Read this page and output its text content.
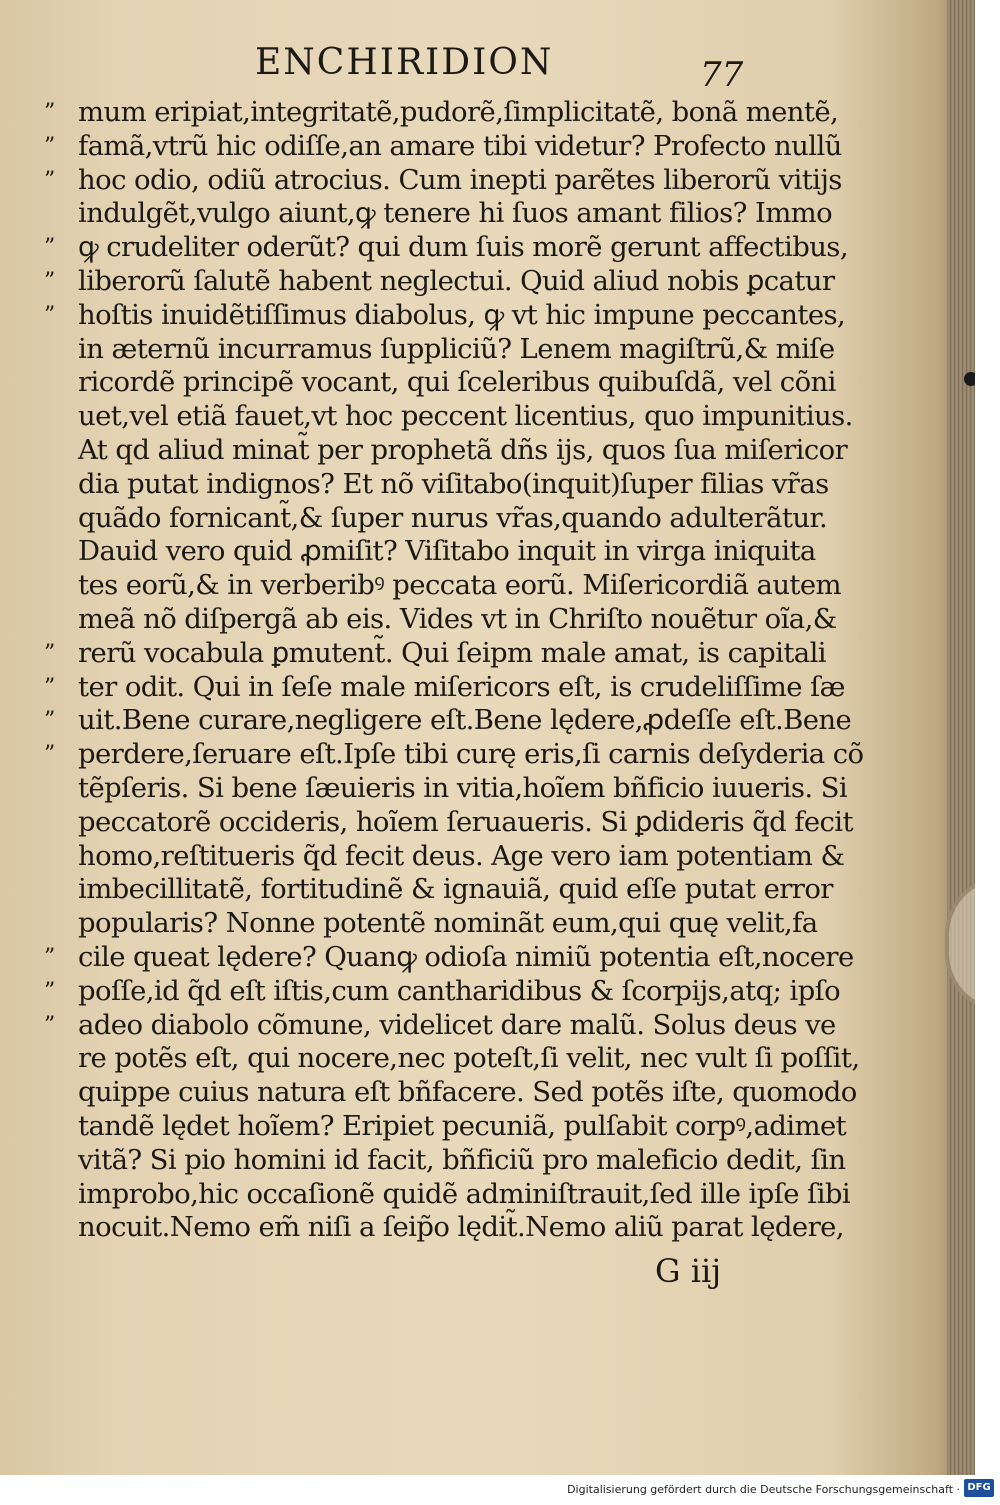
ENCHIRIDION	77
” mum eripiat,integritatẽ,pudorẽ,ſimplicitatẽ, bonã mentẽ,
” famã,vtrũ hic odiſſe,an amare tibi videtur? Profecto nullũ
” hoc odio, odiũ atrocius. Cum inepti parẽtes liberorũ vitijs
indulgẽt,vulgo aiunt,ꝙ tenere hi ſuos amant filios? Immo
” ꝙ crudeliter oderũt? qui dum ſuis morẽ gerunt affectibus,
” liberorũ ſalutẽ habent neglectui. Quid aliud nobis ꝑcatur
” hoſtis inuidẽtiſſimus diabolus, ꝙ vt hic impune peccantes,
in æternũ incurramus ſuppliciũ? Lenem magiſtrũ,& miſe
ricordẽ principẽ vocant, qui ſceleribus quibuſdã, vel cõni
uet,vel etiã fauet,vt hoc peccent licentius, quo impunitius.
At qd aliud minat̃ per prophetã dñs ijs, quos ſua miſericor
dia putat indignos? Et nõ viſitabo(inquit)ſuper filias vr̃as
quãdo fornicant̃,& ſuper nurus vr̃as,quando adulterãtur.
Dauid vero quid ꝓmiſit? Viſitabo inquit in virga iniquita
tes eorũ,& in verberibꝰ peccata eorũ. Miſericordiã autem
meã nõ diſpergã ab eis. Vides vt in Chriſto nouẽtur oĩa,&
” rerũ vocabula ꝑmutent̃. Qui ſeipm male amat, is capitali
” ter odit. Qui in ſeſe male miſericors eſt, is crudeliſſime ſæ
” uit.Bene curare,negligere eſt.Bene lędere,ꝓdeſſe eſt.Bene
” perdere,ſeruare eſt.Ipſe tibi curę eris,ſi carnis deſyderia cõ
tẽpſeris. Si bene ſæuieris in vitia,hoĩem bñficio iuueris. Si
peccatorẽ occideris, hoĩem ſeruaueris. Si ꝑdideris q̃d fecit
homo,reſtitueris q̃d fecit deus. Age vero iam potentiam &
imbecillitatẽ, fortitudinẽ & ignauiã, quid eſſe putat error
popularis? Nonne potentẽ nominãt eum,qui quę velit,fa
” cile queat lędere? Quanꝙ odioſa nimiũ potentia eſt,nocere
” poſſe,id q̃d eſt iſtis,cum cantharidibus & ſcorpijs,atq; ipſo
” adeo diabolo cõmune, videlicet dare malũ. Solus deus ve
re potẽs eſt, qui nocere,nec poteſt,ſi velit, nec vult ſi poſſit,
quippe cuius natura eſt bñfacere. Sed potẽs iſte, quomodo
tandẽ lędet hoĩem? Eripiet pecuniã, pulſabit corpꝰ,adimet
vitã? Si pio homini id facit, bñficiũ pro maleficio dedit, ſin
improbo,hic occaſionẽ quidẽ adminiſtrauit,ſed ille ipſe ſibi
nocuit.Nemo em̃ niſi a ſeip̃o lędit̃.Nemo aliũ parat lędere,
G iij
Digitalisierung gefördert durch die Deutsche Forschungsgemeinschaft · DFG
